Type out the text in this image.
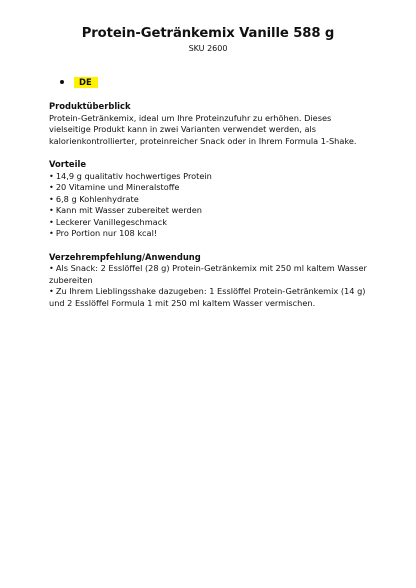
Protein-Getränkemix Vanille 588 g
SKU 2600
DE
Produktüberblick

Protein-Getränkemix, ideal um Ihre Proteinzufuhr zu erhöhen. Dieses vielseitige Produkt kann in zwei Varianten verwendet werden, als kalorienkontrollierter, proteinreicher Snack oder in Ihrem Formula 1-Shake.

Vorteile
• 14,9 g qualitativ hochwertiges Protein
• 20 Vitamine und Mineralstoffe
• 6,8 g Kohlenhydrate
• Kann mit Wasser zubereitet werden
• Leckerer Vanillegeschmack
• Pro Portion nur 108 kcal!
Verzehrempfehlung/Anwendung
• Als Snack: 2 Esslöffel (28 g) Protein-Getränkemix mit 250 ml kaltem Wasser zubereiten
• Zu Ihrem Lieblingsshake dazugeben: 1 Esslöffel Protein-Getränkemix (14 g) und 2 Esslöffel Formula 1 mit 250 ml kaltem Wasser vermischen.
